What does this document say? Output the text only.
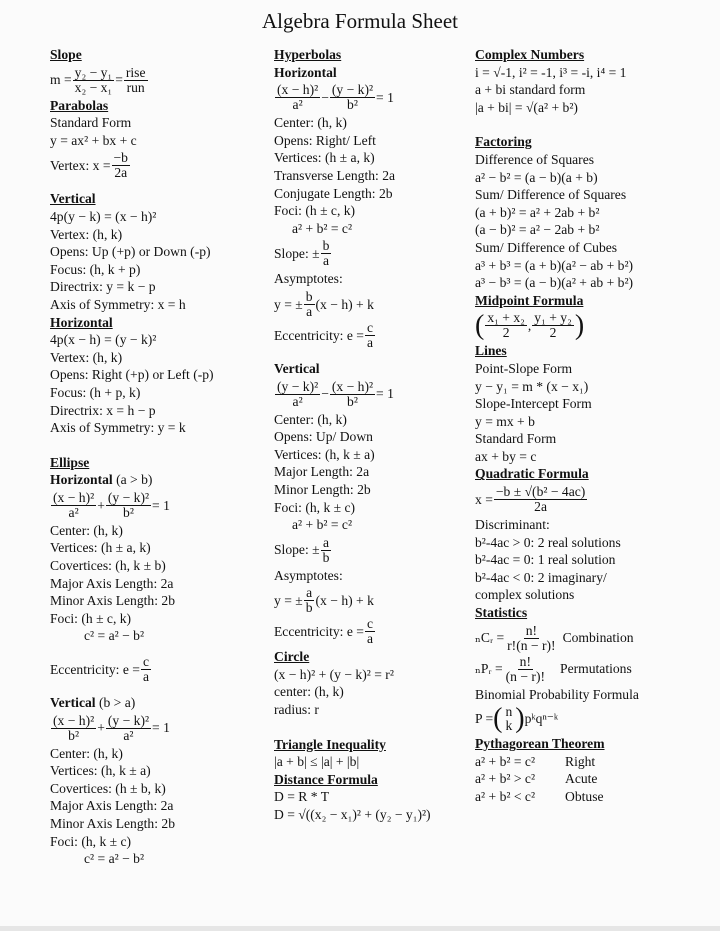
Algebra Formula Sheet
Slope
$m = \frac{\text{y₂ − y₁}}{\text{x₂ − x₁}} = \frac{\text{rise}}{\text{run}}$
Parabolas
Standard Form
y = ax² + bx + c
Vertex: $x = \frac{-b}{2a}$
Vertical
4p(y − k) = (x − h)²
Vertex: (h, k)
Opens: Up (+p) or Down (-p)
Focus: (h, k + p)
Directrix: y = k − p
Axis of Symmetry: x = h
Horizontal
4p(x − h) = (y − k)²
Vertex: (h, k)
Opens: Right (+p) or Left (-p)
Focus: (h + p, k)
Directrix: x = h − p
Axis of Symmetry: y = k
Ellipse
Horizontal (a > b)
$\frac{\text{(x − h)²}}{\text{a²}} + \frac{\text{(y − k)²}}{\text{b²}} = 1$
Center: (h, k)
Vertices: (h ± a, k)
Covertices: (h, k ± b)
Major Axis Length: 2a
Minor Axis Length: 2b
Foci: (h ± c, k)
c² = a² − b²
Eccentricity: $e = \frac{c}{a}$
Vertical (b > a)
$\frac{\text{(x − h)²}}{\text{b²}} + \frac{\text{(y − k)²}}{\text{a²}} = 1$
Center: (h, k)
Vertices: (h, k ± a)
Covertices: (h ± b, k)
Major Axis Length: 2a
Minor Axis Length: 2b
Foci: (h, k ± c)
c² = a² − b²
Hyperbolas
Horizontal
$\frac{\text{(x − h)²}}{\text{a²}} - \frac{\text{(y − k)²}}{\text{b²}} = 1$
Center: (h, k)
Opens: Right/ Left
Vertices: (h ± a, k)
Transverse Length: 2a
Conjugate Length: 2b
Foci: (h ± c, k)
a² + b² = c²
Slope: ± $\frac{b}{a}$
Asymptotes:
y = ± $\frac{b}{a} (x - h) + k$
Eccentricity: $e = \frac{c}{a}$
Vertical
$\frac{\text{(y − k)²}}{\text{a²}} - \frac{\text{(x − h)²}}{\text{b²}} = 1$
Center: (h, k)
Opens: Up/ Down
Vertices: (h, k ± a)
Major Length: 2a
Minor Length: 2b
Foci: (h, k ± c)
a² + b² = c²
Slope: ± $\frac{a}{b}$
Asymptotes:
y = ± $\frac{a}{b} (x - h) + k$
Eccentricity: $e = \frac{c}{a}$
Circle
(x − h)² + (y − k)² = r²
center: (h, k)
radius: r
Triangle Inequality
|a + b| ≤ |a| + |b|
Distance Formula
D = R * T
D = √((x₂ − x₁)² + (y₂ − y₁)²)
Complex Numbers
i = √-1, i² = -1, i³ = -i, i⁴ = 1
a + bi standard form
|a + bi| = √(a² + b²)
Factoring
Difference of Squares
a² − b² = (a − b)(a + b)
Sum/ Difference of Squares
(a + b)² = a² + 2ab + b²
(a − b)² = a² − 2ab + b²
Sum/ Difference of Cubes
a³ + b³ = (a + b)(a² − ab + b²)
a³ − b³ = (a − b)(a² + ab + b²)
Midpoint Formula
( $\frac{\text{x₁ + x₂}}{2}$ , $\frac{\text{y₁ + y₂}}{2}$ )
Lines
Point-Slope Form
y − y₁ = m * (x − x₁)
Slope-Intercept Form
y = mx + b
Standard Form
ax + by = c
Quadratic Formula
$x = \frac{\text{−b ± √(b² − 4ac)}}{2a}$
Discriminant:
b²-4ac > 0: 2 real solutions
b²-4ac = 0: 1 real solution
b²-4ac < 0: 2 imaginary/
complex solutions
Statistics
ₙCᵣ = $\frac{n!}{r!(n - r)!}$ Combination
ₙPᵣ = $\frac{n!}{(n - r)!}$ Permutations
Binomial Probability Formula
P = ( n
k ) pᵏqⁿ⁻ᵏ
Pythagorean Theorem
a² + b² = c² Right
a² + b² > c² Acute
a² + b² < c² Obtuse
